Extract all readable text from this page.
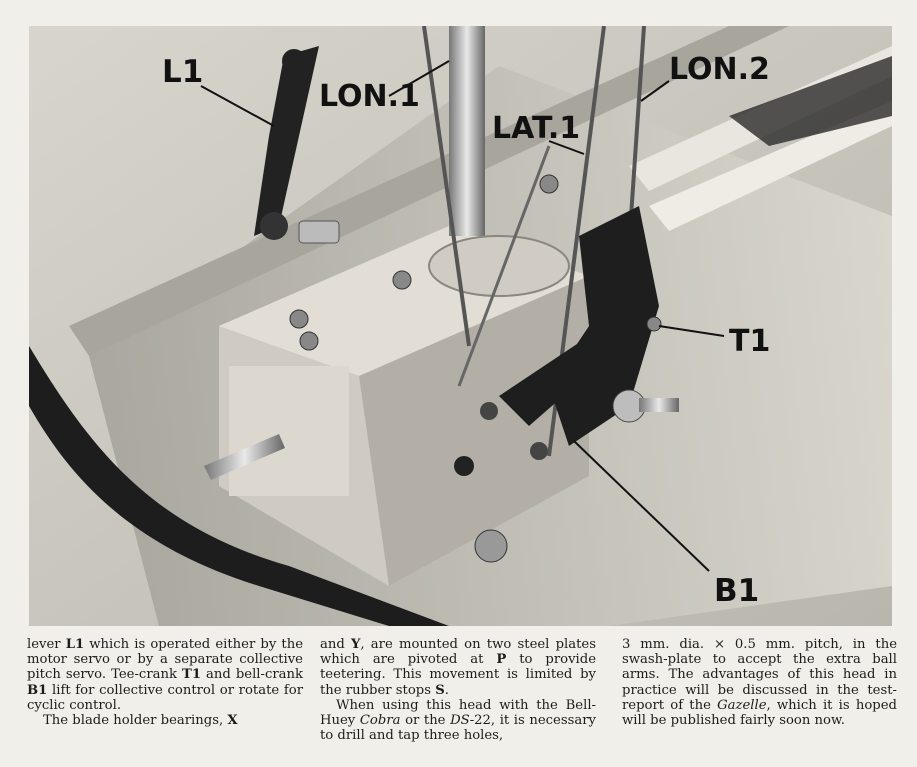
L1
LON.1
LAT.1
LON.2
T1
B1

lever L1 which is operated either by the motor servo or by a separate collective pitch servo. Tee-crank T1 and bell-crank B1 lift for collective control or rotate for cyclic control.

The blade holder bearings, X

and Y, are mounted on two steel plates which are pivoted at P to provide teetering. This movement is limited by the rubber stops S.

When using this head with the Bell-Huey Cobra or the DS-22, it is necessary to drill and tap three holes,

3 mm. dia. × 0.5 mm. pitch, in the swash-plate to accept the extra ball arms. The advantages of this head in practice will be discussed in the test-report of the Gazelle, which it is hoped will be published fairly soon now.
